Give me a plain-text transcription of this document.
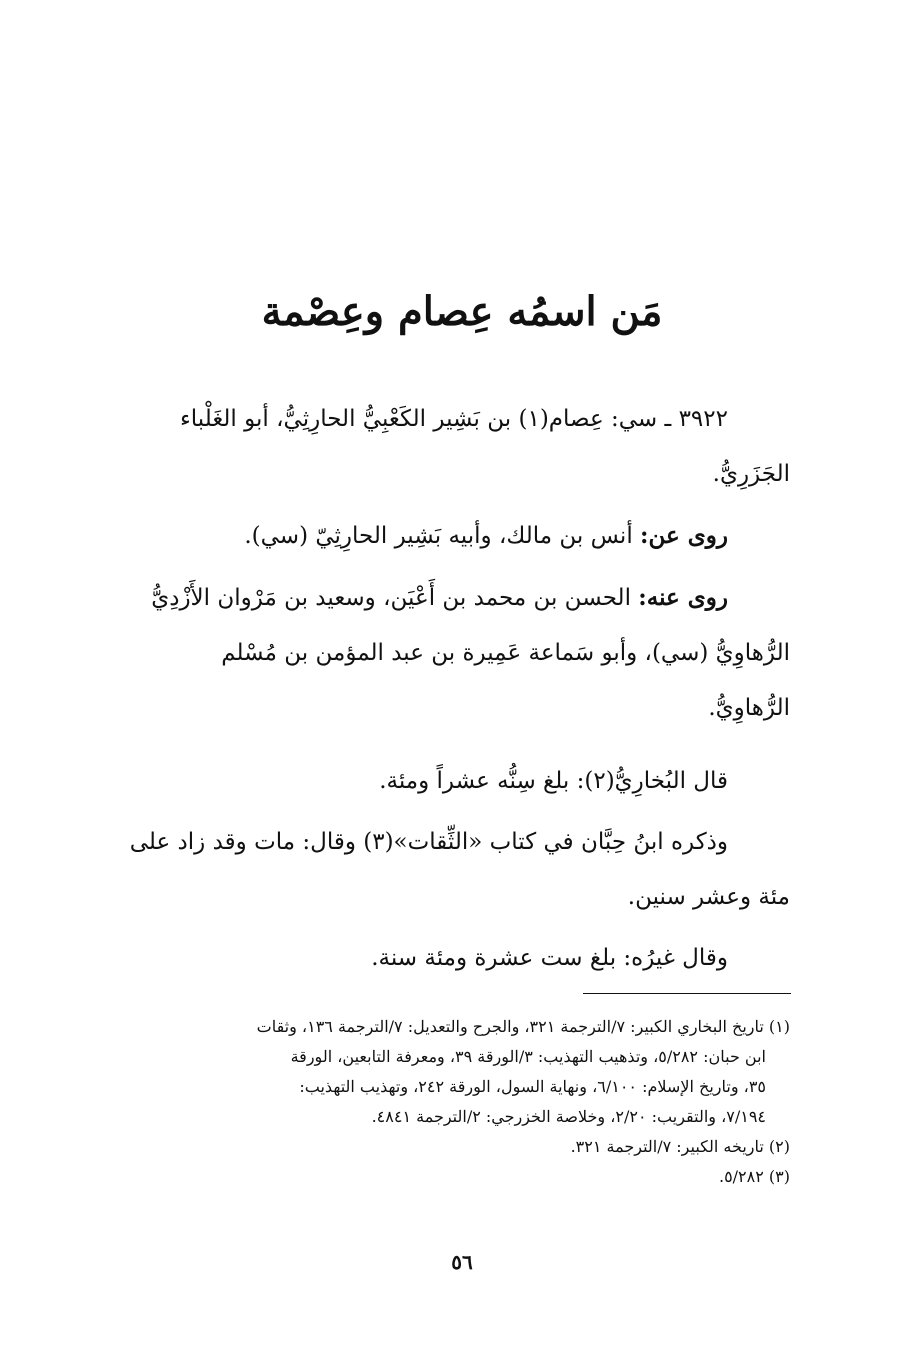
مَن اسمُه عِصام وعِصْمة

٣٩٢٢ ـ سي: عِصام(١) بن بَشِير الكَعْبِيُّ الحارِثِيُّ، أبو الغَلْباء

الجَزَرِيُّ.

روى عن: أنس بن مالك، وأبيه بَشِير الحارِثِيّ (سي).

روى عنه: الحسن بن محمد بن أَعْيَن، وسعيد بن مَرْوان الأَزْدِيُّ

الرُّهاوِيُّ (سي)، وأبو سَماعة عَمِيرة بن عبد المؤمن بن مُسْلم

الرُّهاوِيُّ.

قال البُخارِيُّ(٢): بلغ سِنُّه عشراً ومئة.

وذكره ابنُ حِبَّان في كتاب «الثِّقات»(٣) وقال: مات وقد زاد على

مئة وعشر سنين.

وقال غيرُه: بلغ ست عشرة ومئة سنة.

(١) تاريخ البخاري الكبير: ٧/الترجمة ٣٢١، والجرح والتعديل: ٧/الترجمة ١٣٦، وثقات

ابن حبان: ٥/٢٨٢، وتذهيب التهذيب: ٣/الورقة ٣٩، ومعرفة التابعين، الورقة

٣٥، وتاريخ الإسلام: ٦/١٠٠، ونهاية السول، الورقة ٢٤٢، وتهذيب التهذيب:

٧/١٩٤، والتقريب: ٢/٢٠، وخلاصة الخزرجي: ٢/الترجمة ٤٨٤١.

(٢) تاريخه الكبير: ٧/الترجمة ٣٢١.

(٣) ٥/٢٨٢.

٥٦
